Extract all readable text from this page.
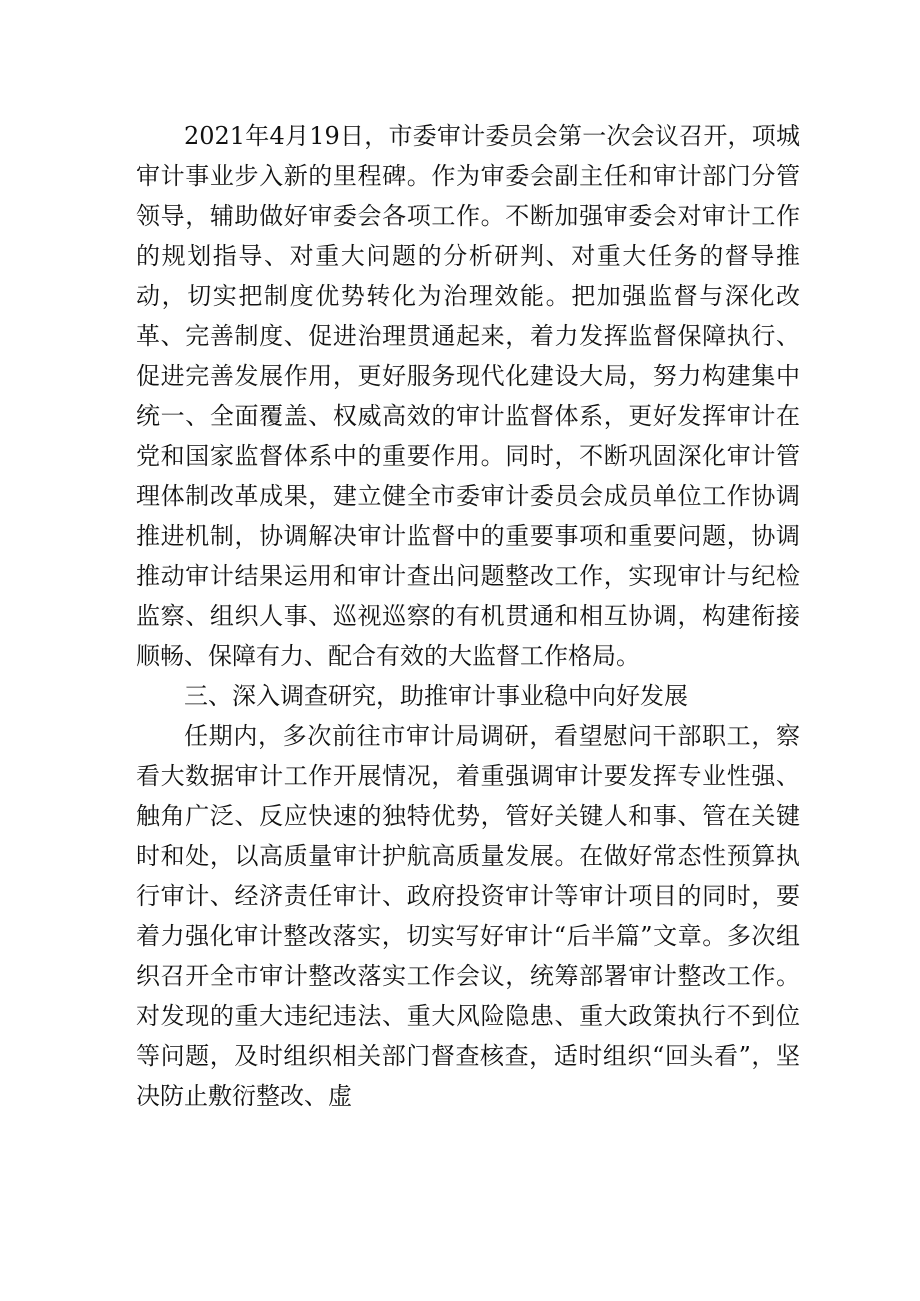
2021年4月19日，市委审计委员会第一次会议召开，项城审计事业步入新的里程碑。作为审委会副主任和审计部门分管领导，辅助做好审委会各项工作。不断加强审委会对审计工作的规划指导、对重大问题的分析研判、对重大任务的督导推动，切实把制度优势转化为治理效能。把加强监督与深化改革、完善制度、促进治理贯通起来，着力发挥监督保障执行、促进完善发展作用，更好服务现代化建设大局，努力构建集中统一、全面覆盖、权威高效的审计监督体系，更好发挥审计在党和国家监督体系中的重要作用。同时，不断巩固深化审计管理体制改革成果，建立健全市委审计委员会成员单位工作协调推进机制，协调解决审计监督中的重要事项和重要问题，协调推动审计结果运用和审计查出问题整改工作，实现审计与纪检监察、组织人事、巡视巡察的有机贯通和相互协调，构建衔接顺畅、保障有力、配合有效的大监督工作格局。

三、深入调查研究，助推审计事业稳中向好发展

任期内，多次前往市审计局调研，看望慰问干部职工，察看大数据审计工作开展情况，着重强调审计要发挥专业性强、触角广泛、反应快速的独特优势，管好关键人和事、管在关键时和处，以高质量审计护航高质量发展。在做好常态性预算执行审计、经济责任审计、政府投资审计等审计项目的同时，要着力强化审计整改落实，切实写好审计“后半篇”文章。多次组织召开全市审计整改落实工作会议，统筹部署审计整改工作。对发现的重大违纪违法、重大风险隐患、重大政策执行不到位等问题，及时组织相关部门督查核查，适时组织“回头看”，坚决防止敷衍整改、虚
